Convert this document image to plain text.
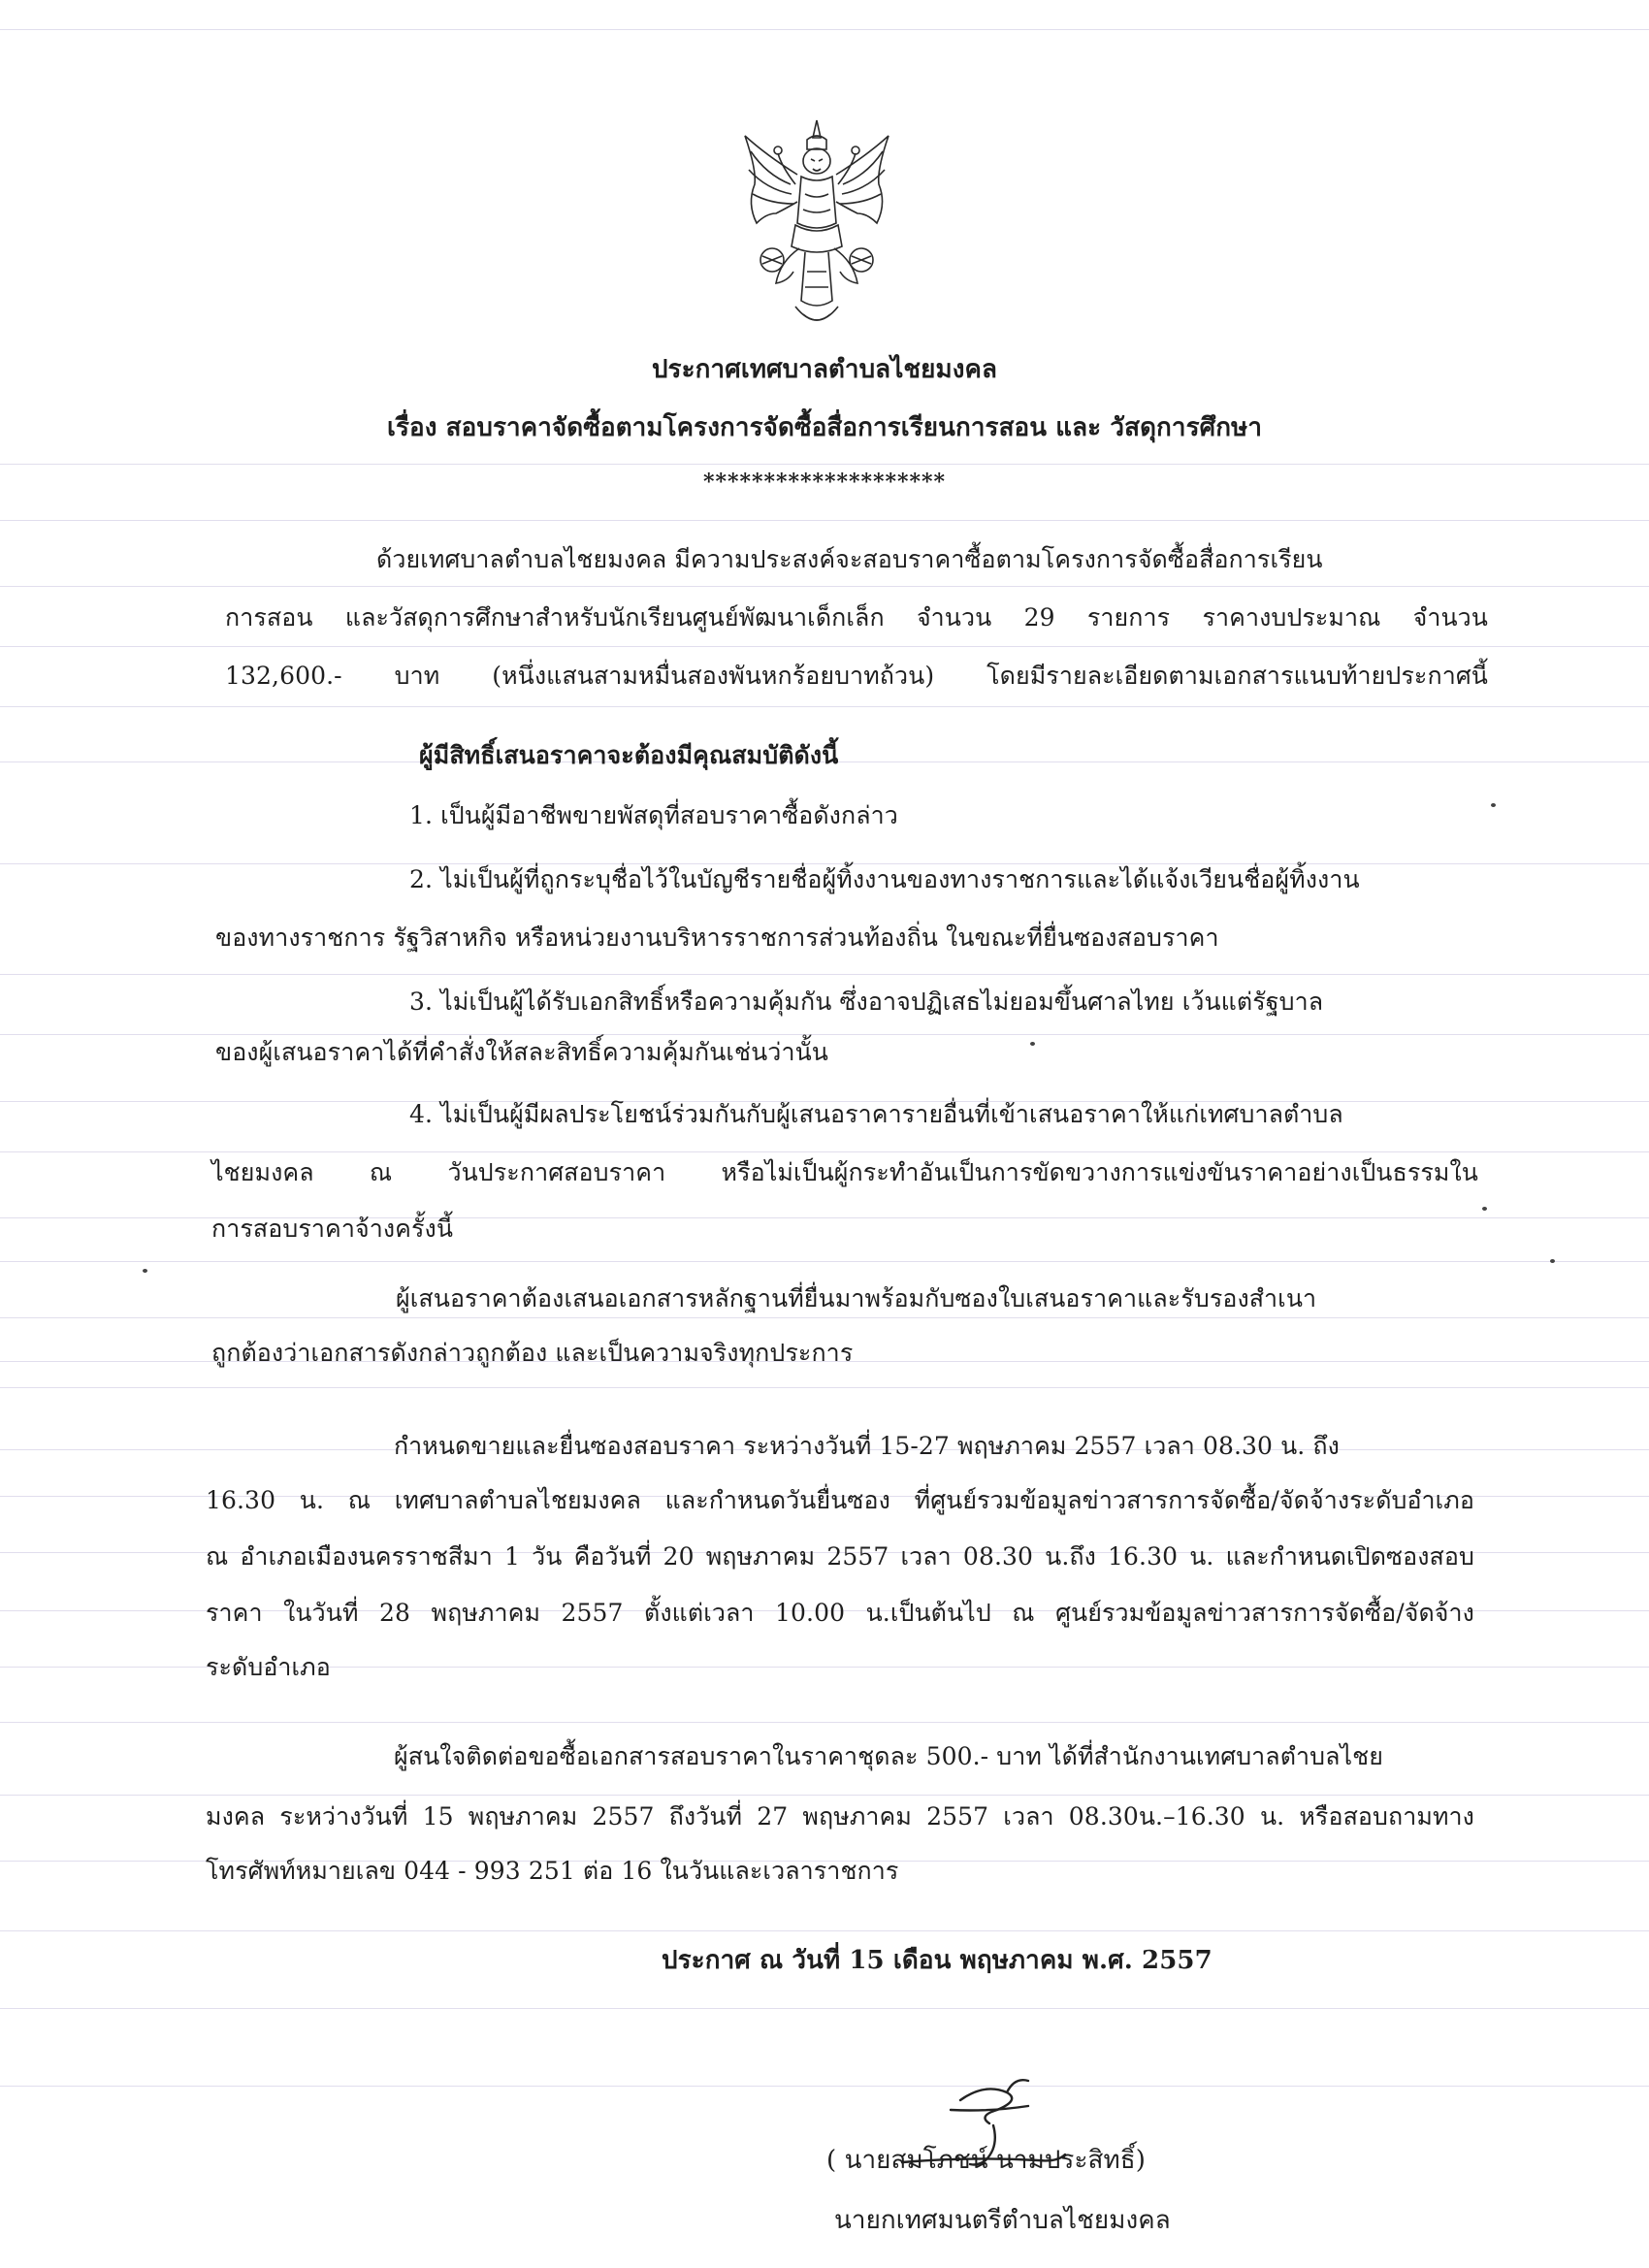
ประกาศเทศบาลตำบลไชยมงคล
เรื่อง สอบราคาจัดซื้อตามโครงการจัดซื้อสื่อการเรียนการสอน และ วัสดุการศึกษา
********************
ด้วยเทศบาลตำบลไชยมงคล มีความประสงค์จะสอบราคาซื้อตามโครงการจัดซื้อสื่อการเรียน
การสอน และวัสดุการศึกษาสำหรับนักเรียนศูนย์พัฒนาเด็กเล็ก จำนวน 29 รายการ ราคางบประมาณ จำนวน
132,600.- บาท (หนึ่งแสนสามหมื่นสองพันหกร้อยบาทถ้วน) โดยมีรายละเอียดตามเอกสารแนบท้ายประกาศนี้
ผู้มีสิทธิ์เสนอราคาจะต้องมีคุณสมบัติดังนี้
1. เป็นผู้มีอาชีพขายพัสดุที่สอบราคาซื้อดังกล่าว
2. ไม่เป็นผู้ที่ถูกระบุชื่อไว้ในบัญชีรายชื่อผู้ทิ้งงานของทางราชการและได้แจ้งเวียนชื่อผู้ทิ้งงาน
ของทางราชการ รัฐวิสาหกิจ หรือหน่วยงานบริหารราชการส่วนท้องถิ่น ในขณะที่ยื่นซองสอบราคา
3. ไม่เป็นผู้ได้รับเอกสิทธิ์หรือความคุ้มกัน ซึ่งอาจปฏิเสธไม่ยอมขึ้นศาลไทย เว้นแต่รัฐบาล
ของผู้เสนอราคาได้ที่คำสั่งให้สละสิทธิ์ความคุ้มกันเช่นว่านั้น
4. ไม่เป็นผู้มีผลประโยชน์ร่วมกันกับผู้เสนอราคารายอื่นที่เข้าเสนอราคาให้แก่เทศบาลตำบล
ไชยมงคล ณ วันประกาศสอบราคา หรือไม่เป็นผู้กระทำอันเป็นการขัดขวางการแข่งขันราคาอย่างเป็นธรรมใน
การสอบราคาจ้างครั้งนี้
ผู้เสนอราคาต้องเสนอเอกสารหลักฐานที่ยื่นมาพร้อมกับซองใบเสนอราคาและรับรองสำเนา
ถูกต้องว่าเอกสารดังกล่าวถูกต้อง และเป็นความจริงทุกประการ
กำหนดขายและยื่นซองสอบราคา ระหว่างวันที่ 15-27 พฤษภาคม 2557 เวลา 08.30 น. ถึง
16.30 น. ณ เทศบาลตำบลไชยมงคล และกำหนดวันยื่นซอง ที่ศูนย์รวมข้อมูลข่าวสารการจัดซื้อ/จัดจ้างระดับอำเภอ
ณ อำเภอเมืองนครราชสีมา 1 วัน คือวันที่ 20 พฤษภาคม 2557 เวลา 08.30 น.ถึง 16.30 น. และกำหนดเปิดซองสอบ
ราคา ในวันที่ 28 พฤษภาคม 2557 ตั้งแต่เวลา 10.00 น.เป็นต้นไป ณ ศูนย์รวมข้อมูลข่าวสารการจัดซื้อ/จัดจ้าง
ระดับอำเภอ
ผู้สนใจติดต่อขอซื้อเอกสารสอบราคาในราคาชุดละ 500.- บาท ได้ที่สำนักงานเทศบาลตำบลไชย
มงคล ระหว่างวันที่ 15 พฤษภาคม 2557 ถึงวันที่ 27 พฤษภาคม 2557 เวลา 08.30น.–16.30 น. หรือสอบถามทาง
โทรศัพท์หมายเลข 044 - 993 251 ต่อ 16 ในวันและเวลาราชการ
ประกาศ ณ วันที่ 15 เดือน พฤษภาคม พ.ศ. 2557
( นายสมโภชน์ นามประสิทธิ์)
นายกเทศมนตรีตำบลไชยมงคล
